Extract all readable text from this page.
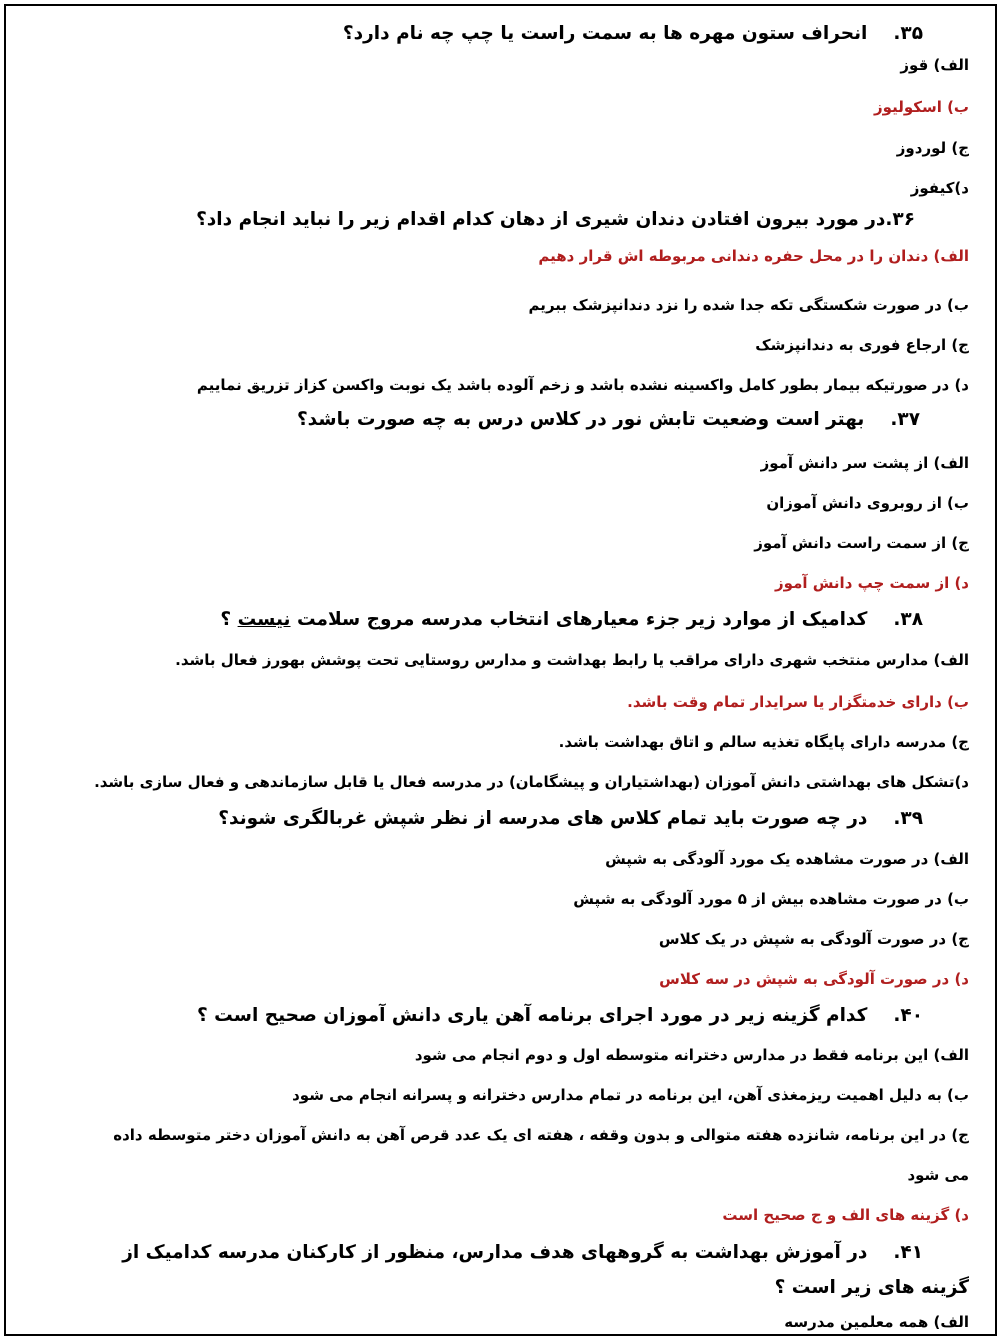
۳۵.انحراف ستون مهره ها به سمت راست یا چپ چه نام دارد؟
الف) قوز
ب) اسکولیوز
ج) لوردوز
د)کیفوز
۳۶.در مورد بیرون افتادن دندان شیری از دهان کدام اقدام زیر را نباید انجام داد؟
الف) دندان را در محل حفره دندانی مربوطه اش قرار دهیم
ب) در صورت شکستگی تکه جدا شده را نزد دندانپزشک ببریم
ج) ارجاع فوری به دندانپزشک
د) در صورتیکه بیمار بطور کامل واکسینه نشده باشد و زخم آلوده باشد یک نوبت واکسن کزاز تزریق نماییم
۳۷.بهتر است وضعیت تابش نور در کلاس درس به چه صورت باشد؟
الف) از پشت سر دانش آموز
ب) از روبروی دانش آموزان
ج) از سمت راست دانش آموز
د) از سمت چپ دانش آموز
۳۸.کدامیک از موارد زیر جزء معیارهای انتخاب مدرسه مروج سلامت نیست ؟
الف) مدارس منتخب شهری دارای مراقب یا رابط بهداشت و مدارس روستایی تحت پوشش بهورز فعال باشد.
ب) دارای خدمتگزار یا سرایدار تمام وقت باشد.
ج) مدرسه دارای پایگاه تغذیه سالم و اتاق بهداشت باشد.
د)تشکل های بهداشتی دانش آموزان (بهداشتیاران و پیشگامان) در مدرسه فعال یا قابل سازماندهی و فعال سازی باشد.
۳۹.در چه صورت باید تمام کلاس های مدرسه از نظر شپش غربالگری شوند؟
الف) در صورت مشاهده یک مورد آلودگی به شپش
ب) در صورت مشاهده بیش از ۵ مورد آلودگی به شپش
ج) در صورت آلودگی به شپش در یک کلاس
د) در صورت آلودگی به شپش در سه کلاس
۴۰.کدام گزینه زیر در مورد اجرای برنامه آهن یاری دانش آموزان صحیح است ؟
الف) این برنامه فقط در مدارس دخترانه متوسطه اول و دوم انجام می شود
ب) به دلیل اهمیت ریزمغذی آهن، این برنامه در تمام مدارس دخترانه و پسرانه انجام می شود
ج) در این برنامه، شانزده هفته متوالی و بدون وقفه ، هفته ای یک عدد قرص آهن به دانش آموزان دختر متوسطه داده
می شود
د) گزینه های الف و ج صحیح است
۴۱.در آموزش بهداشت به گروههای هدف مدارس، منظور از کارکنان مدرسه کدامیک از
گزینه های زیر است ؟
الف) همه معلمین مدرسه
